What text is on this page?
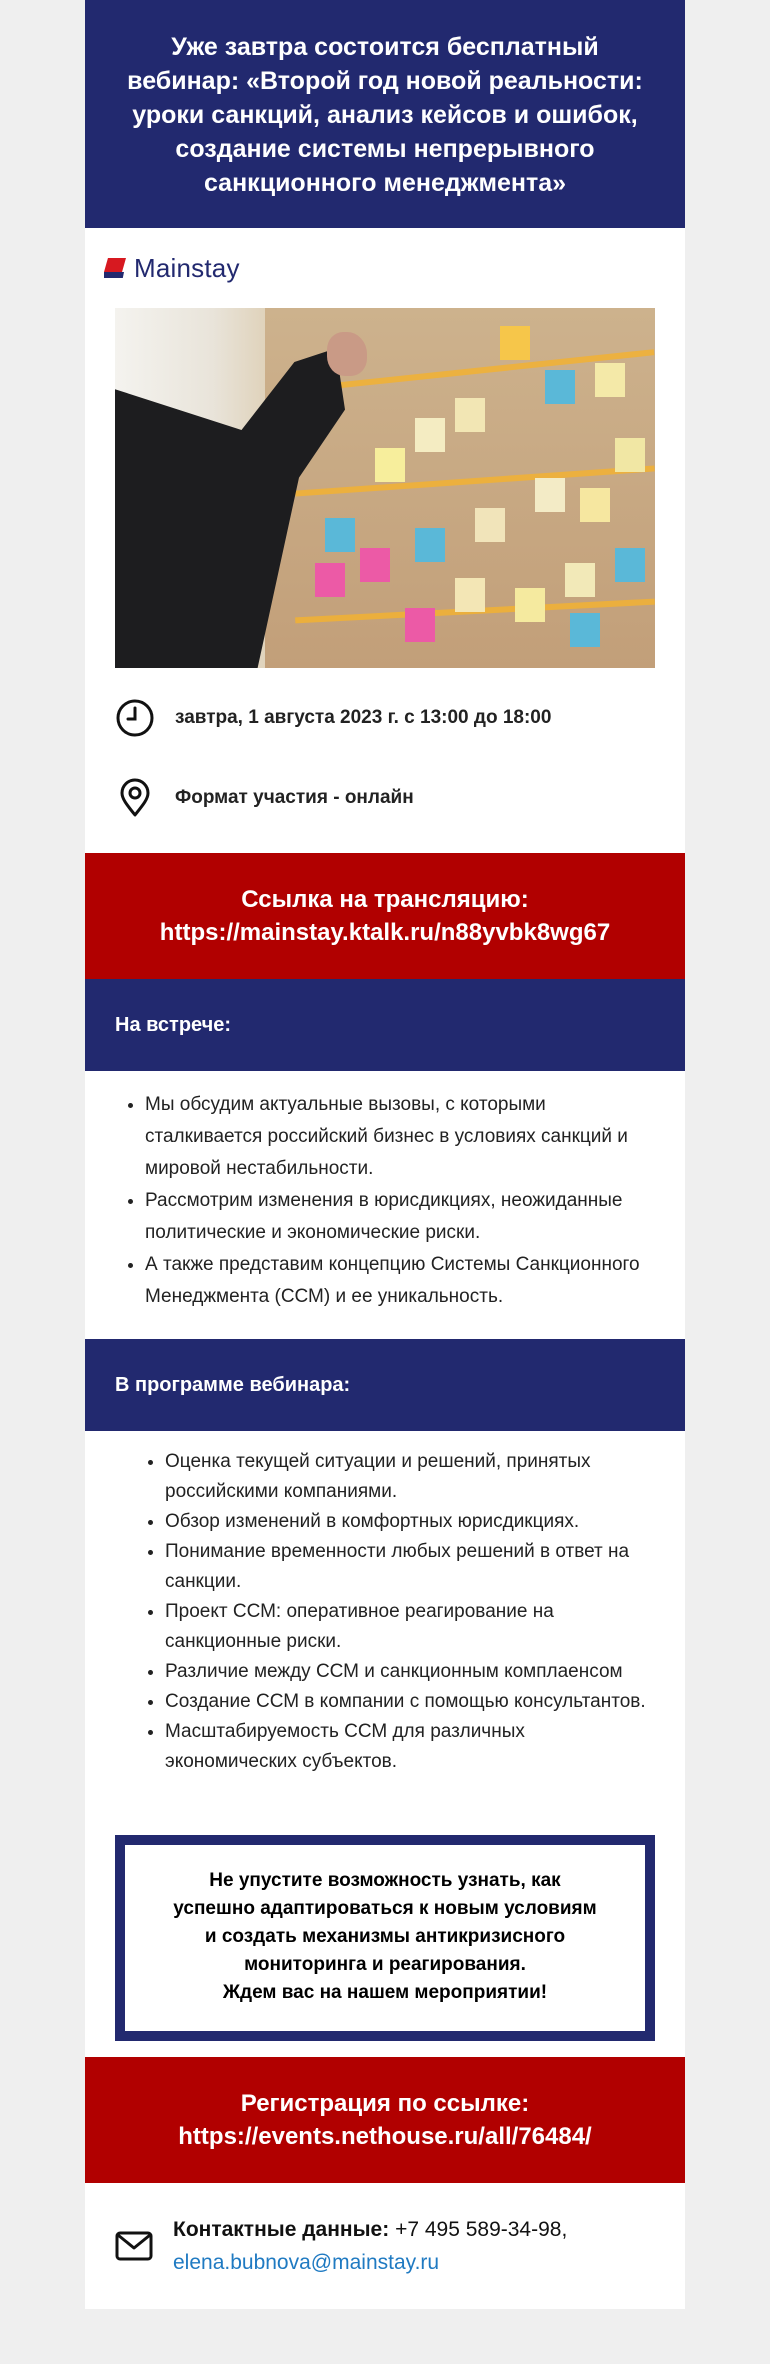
Уже завтра состоится бесплатный вебинар: «Второй год новой реальности: уроки санкций, анализ кейсов и ошибок, создание системы непрерывного санкционного менеджмента»
Mainstay
завтра, 1 августа 2023 г. с 13:00 до 18:00
Формат участия - онлайн
Ссылка на трансляцию:
https://mainstay.ktalk.ru/n88yvbk8wg67
На встрече:
• Мы обсудим актуальные вызовы, с которыми сталкивается российский бизнес в условиях санкций и мировой нестабильности.
• Рассмотрим изменения в юрисдикциях, неожиданные политические и экономические риски.
• А также представим концепцию Системы Санкционного Менеджмента (ССМ) и ее уникальность.
В программе вебинара:
• Оценка текущей ситуации и решений, принятых российскими компаниями.
• Обзор изменений в комфортных юрисдикциях.
• Понимание временности любых решений в ответ на санкции.
• Проект ССМ: оперативное реагирование на санкционные риски.
• Различие между ССМ и санкционным комплаенсом
• Создание ССМ в компании с помощью консультантов.
• Масштабируемость ССМ для различных экономических субъектов.
Не упустите возможность узнать, как
успешно адаптироваться к новым условиям
и создать механизмы антикризисного
мониторинга и реагирования.
Ждем вас на нашем мероприятии!
Регистрация по ссылке:
https://events.nethouse.ru/all/76484/
Контактные данные: +7 495 589-34-98,
elena.bubnova@mainstay.ru
